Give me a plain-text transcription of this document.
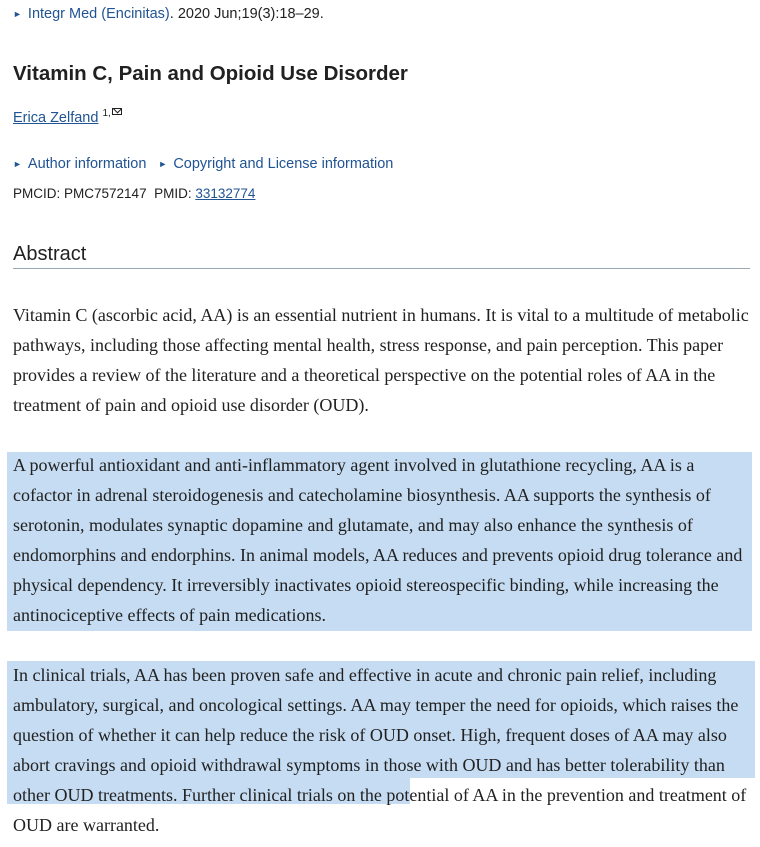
► Integr Med (Encinitas). 2020 Jun;19(3):18–29.
Vitamin C, Pain and Opioid Use Disorder
Erica Zelfand $^{1,}$
► Author information ► Copyright and License information
PMCID: PMC7572147 PMID: 33132774
Abstract

Vitamin C (ascorbic acid, AA) is an essential nutrient in humans. It is vital to a multitude of metabolic pathways, including those affecting mental health, stress response, and pain perception. This paper provides a review of the literature and a theoretical perspective on the potential roles of AA in the treatment of pain and opioid use disorder (OUD).

A powerful antioxidant and anti-inflammatory agent involved in glutathione recycling, AA is a cofactor in adrenal steroidogenesis and catecholamine biosynthesis. AA supports the synthesis of serotonin, modulates synaptic dopamine and glutamate, and may also enhance the synthesis of endomorphins and endorphins. In animal models, AA reduces and prevents opioid drug tolerance and physical dependency. It irreversibly inactivates opioid stereospecific binding, while increasing the antinociceptive effects of pain medications.

In clinical trials, AA has been proven safe and effective in acute and chronic pain relief, including ambulatory, surgical, and oncological settings. AA may temper the need for opioids, which raises the question of whether it can help reduce the risk of OUD onset. High, frequent doses of AA may also abort cravings and opioid withdrawal symptoms in those with OUD and has better tolerability than other OUD treatments. Further clinical trials on the potential of AA in the prevention and treatment of OUD are warranted.
